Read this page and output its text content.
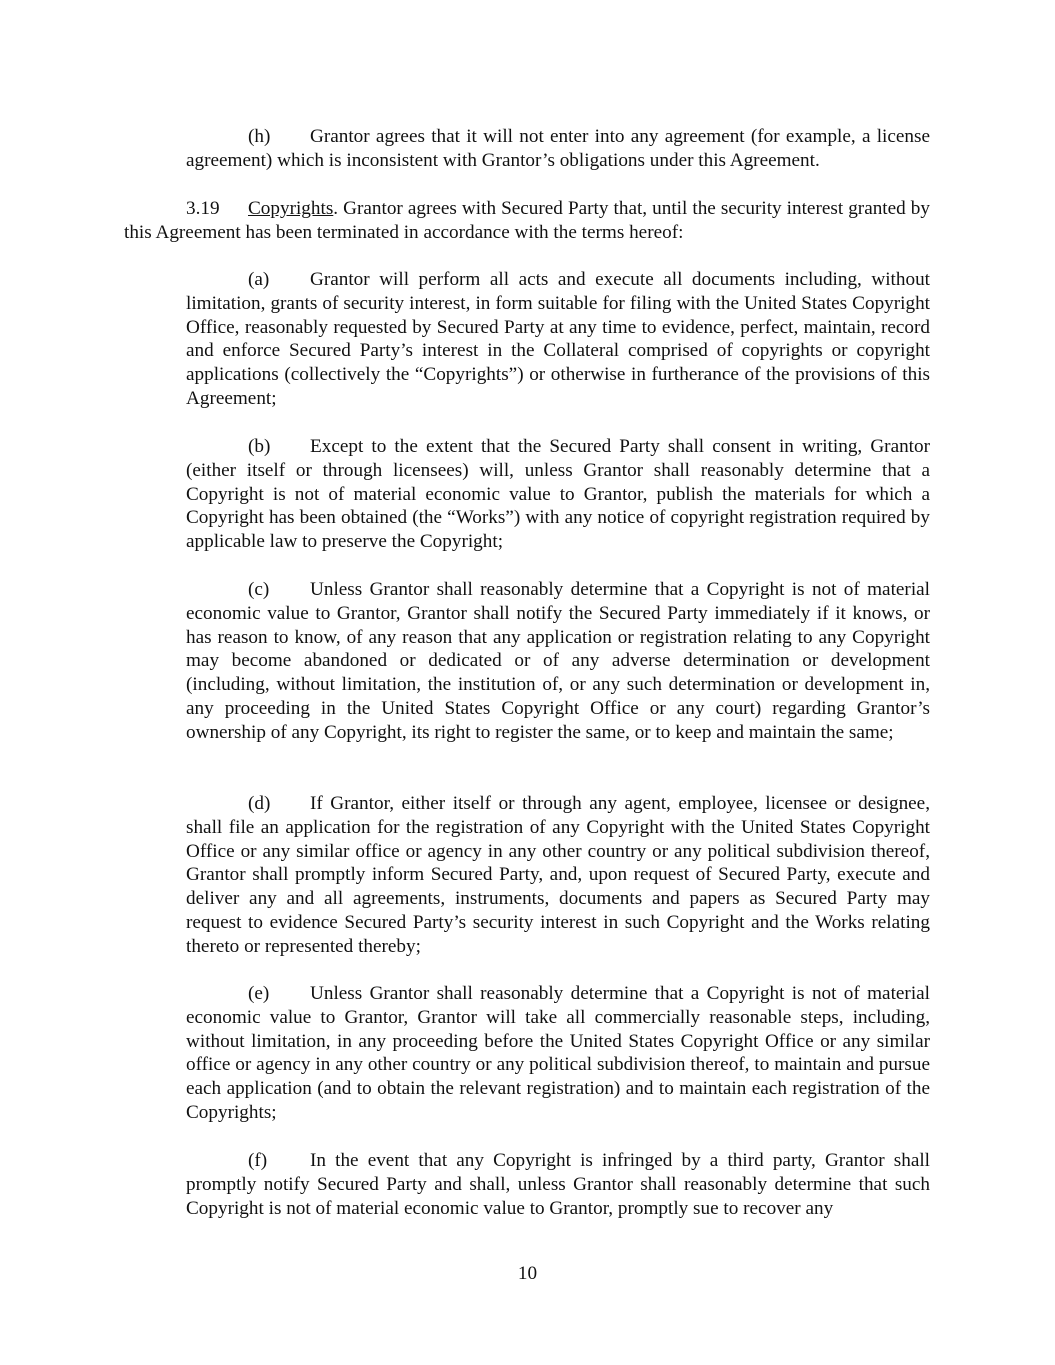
(h) Grantor agrees that it will not enter into any agreement (for example, a license agreement) which is inconsistent with Grantor’s obligations under this Agreement.

3.19 Copyrights. Grantor agrees with Secured Party that, until the security interest granted by this Agreement has been terminated in accordance with the terms hereof:

(a) Grantor will perform all acts and execute all documents including, without limitation, grants of security interest, in form suitable for filing with the United States Copyright Office, reasonably requested by Secured Party at any time to evidence, perfect, maintain, record and enforce Secured Party’s interest in the Collateral comprised of copyrights or copyright applications (collectively the “Copyrights”) or otherwise in furtherance of the provisions of this Agreement;

(b) Except to the extent that the Secured Party shall consent in writing, Grantor (either itself or through licensees) will, unless Grantor shall reasonably determine that a Copyright is not of material economic value to Grantor, publish the materials for which a Copyright has been obtained (the “Works”) with any notice of copyright registration required by applicable law to preserve the Copyright;

(c) Unless Grantor shall reasonably determine that a Copyright is not of material economic value to Grantor, Grantor shall notify the Secured Party immediately if it knows, or has reason to know, of any reason that any application or registration relating to any Copyright may become abandoned or dedicated or of any adverse determination or development (including, without limitation, the institution of, or any such determination or development in, any proceeding in the United States Copyright Office or any court) regarding Grantor’s ownership of any Copyright, its right to register the same, or to keep and maintain the same;

(d) If Grantor, either itself or through any agent, employee, licensee or designee, shall file an application for the registration of any Copyright with the United States Copyright Office or any similar office or agency in any other country or any political subdivision thereof, Grantor shall promptly inform Secured Party, and, upon request of Secured Party, execute and deliver any and all agreements, instruments, documents and papers as Secured Party may request to evidence Secured Party’s security interest in such Copyright and the Works relating thereto or represented thereby;

(e) Unless Grantor shall reasonably determine that a Copyright is not of material economic value to Grantor, Grantor will take all commercially reasonable steps, including, without limitation, in any proceeding before the United States Copyright Office or any similar office or agency in any other country or any political subdivision thereof, to maintain and pursue each application (and to obtain the relevant registration) and to maintain each registration of the Copyrights;

(f) In the event that any Copyright is infringed by a third party, Grantor shall promptly notify Secured Party and shall, unless Grantor shall reasonably determine that such Copyright is not of material economic value to Grantor, promptly sue to recover any

10
